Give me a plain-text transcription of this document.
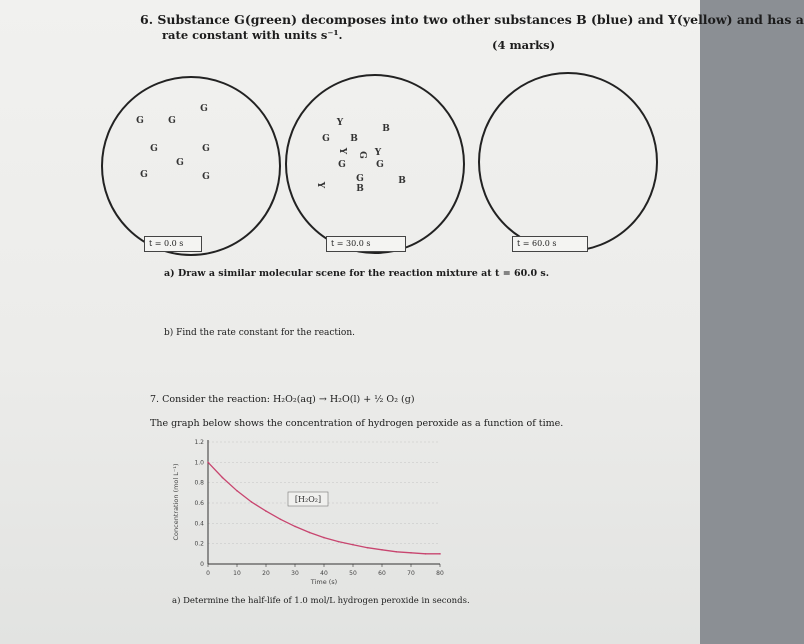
6. Substance G(green) decomposes into two other substances B (blue) and Y(yellow) and has a
rate constant with units s⁻¹.
(4 marks)
G
G	G
G	G
G
G	G
t = 0.0 s
Y
B
G B
Y	Y
G
G	G
B
Y
G
B
t = 30.0 s	t = 60.0 s
a) Draw a similar molecular scene for the reaction mixture at t = 60.0 s.
b) Find the rate constant for the reaction.
7. Consider the reaction: H₂O₂(aq) → H₂O(l) + ½ O₂ (g)
The graph below shows the concentration of hydrogen peroxide as a function of time.
0	10	20	30	40	50	60	70	80
0
0.2
0.4
0.6
0.8
1.0
1.2
[H₂O₂]
Concentration (mol L⁻¹)
Time (s)
a) Determine the half-life of 1.0 mol/L hydrogen peroxide in seconds.
